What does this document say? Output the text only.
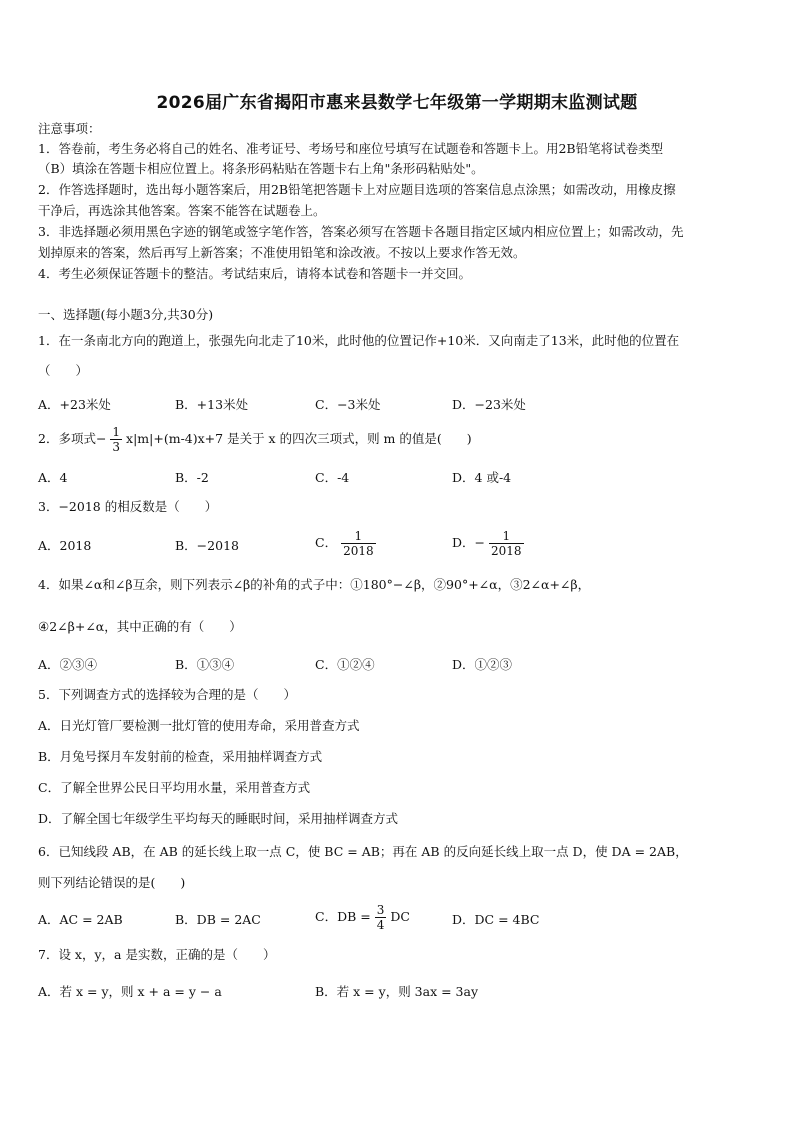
2026届广东省揭阳市惠来县数学七年级第一学期期末监测试题
注意事项：
1．答卷前，考生务必将自己的姓名、准考证号、考场号和座位号填写在试题卷和答题卡上。用2B铅笔将试卷类型
（B）填涂在答题卡相应位置上。将条形码粘贴在答题卡右上角"条形码粘贴处"。
2．作答选择题时，选出每小题答案后，用2B铅笔把答题卡上对应题目选项的答案信息点涂黑；如需改动，用橡皮擦
干净后，再选涂其他答案。答案不能答在试题卷上。
3．非选择题必须用黑色字迹的钢笔或签字笔作答，答案必须写在答题卡各题目指定区域内相应位置上；如需改动，先
划掉原来的答案，然后再写上新答案；不准使用铅笔和涂改液。不按以上要求作答无效。
4．考生必须保证答题卡的整洁。考试结束后，请将本试卷和答题卡一并交回。
一、选择题(每小题3分,共30分)
1．在一条南北方向的跑道上，张强先向北走了10米，此时他的位置记作+10米．又向南走了13米，此时他的位置在
（　　）
A．+23米处	B．+13米处	C．−3米处	D．−23米处
2．多项式− $\frac{1}{3} x|m|+(m-4)x+7$ 是关于 x 的四次三项式，则 m 的值是(　　)
A．4	B．-2	C．-4	D．4 或-4
3．−2018 的相反数是（　　）
A．2018	B．−2018	C． $\frac{1}{2018}$	D．− $\frac{1}{2018}$
4．如果∠α和∠β互余，则下列表示∠β的补角的式子中：①180°−∠β，②90°+∠α，③2∠α+∠β，
④2∠β+∠α，其中正确的有（　　）
A．②③④	B．①③④	C．①②④	D．①②③
5．下列调查方式的选择较为合理的是（　　）
A．日光灯管厂要检测一批灯管的使用寿命，采用普查方式
B．月兔号探月车发射前的检查，采用抽样调查方式
C．了解全世界公民日平均用水量，采用普查方式
D．了解全国七年级学生平均每天的睡眠时间，采用抽样调查方式
6．已知线段 AB，在 AB 的延长线上取一点 C，使 BC = AB；再在 AB 的反向延长线上取一点 D，使 DA = 2AB，
则下列结论错误的是(　　)
A．AC = 2AB	B．DB = 2AC	C．DB = $\frac{3}{4}$ DC	D．DC = 4BC
7．设 x，y，a 是实数，正确的是（　　）
A．若 x = y，则 x + a = y − a	B．若 x = y，则 3ax = 3ay
